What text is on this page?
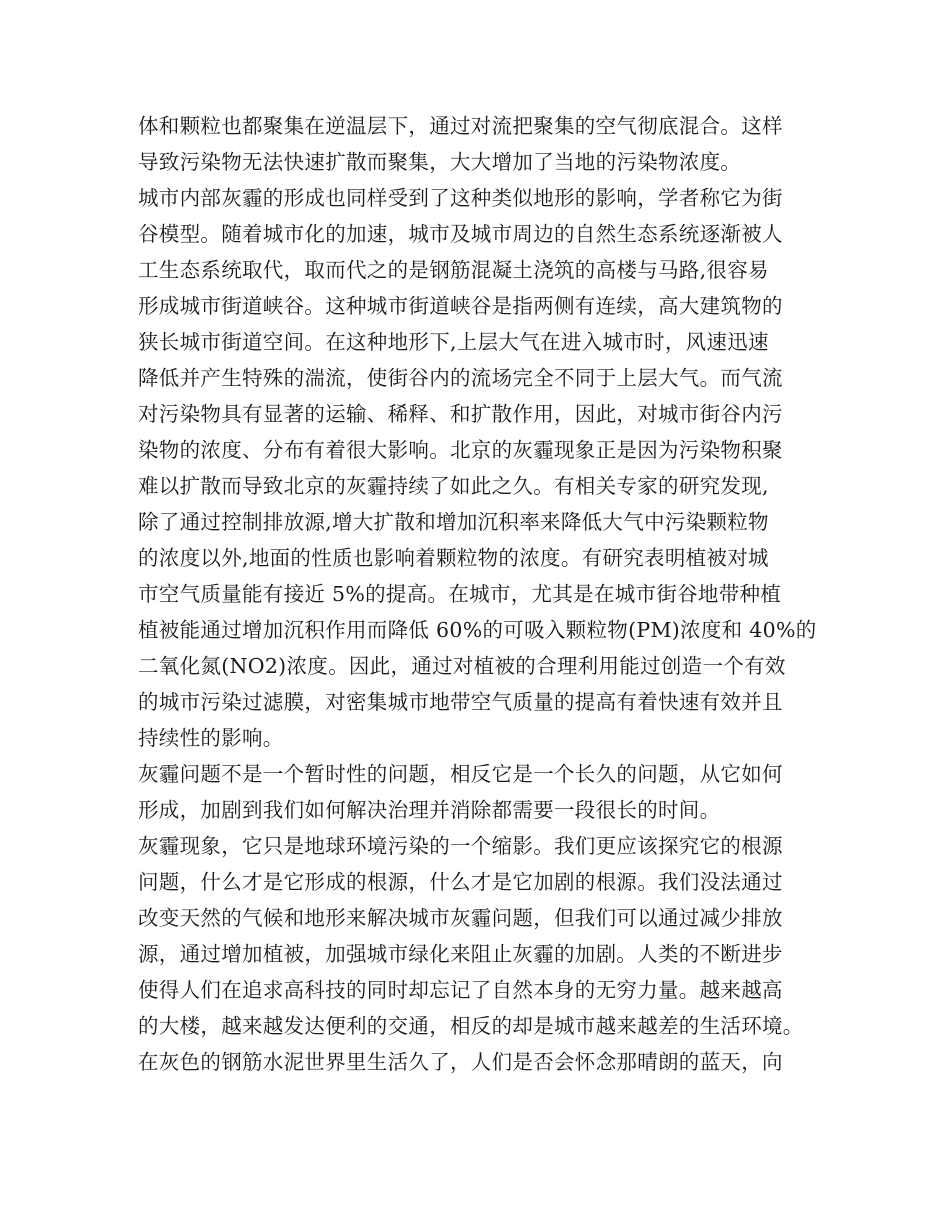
体和颗粒也都聚集在逆温层下，通过对流把聚集的空气彻底混合。这样
导致污染物无法快速扩散而聚集，大大增加了当地的污染物浓度。
城市内部灰霾的形成也同样受到了这种类似地形的影响，学者称它为街
谷模型。随着城市化的加速，城市及城市周边的自然生态系统逐渐被人
工生态系统取代，取而代之的是钢筋混凝土浇筑的高楼与马路,很容易
形成城市街道峡谷。这种城市街道峡谷是指两侧有连续，高大建筑物的
狭长城市街道空间。在这种地形下,上层大气在进入城市时，风速迅速
降低并产生特殊的湍流，使街谷内的流场完全不同于上层大气。而气流
对污染物具有显著的运输、稀释、和扩散作用，因此，对城市街谷内污
染物的浓度、分布有着很大影响。北京的灰霾现象正是因为污染物积聚
难以扩散而导致北京的灰霾持续了如此之久。有相关专家的研究发现,
除了通过控制排放源,增大扩散和增加沉积率来降低大气中污染颗粒物
的浓度以外,地面的性质也影响着颗粒物的浓度。有研究表明植被对城
市空气质量能有接近 5%的提高。在城市，尤其是在城市街谷地带种植
植被能通过增加沉积作用而降低 60%的可吸入颗粒物(PM)浓度和 40%的
二氧化氮(NO2)浓度。因此，通过对植被的合理利用能过创造一个有效
的城市污染过滤膜，对密集城市地带空气质量的提高有着快速有效并且
持续性的影响。
灰霾问题不是一个暂时性的问题，相反它是一个长久的问题，从它如何
形成，加剧到我们如何解决治理并消除都需要一段很长的时间。
灰霾现象，它只是地球环境污染的一个缩影。我们更应该探究它的根源
问题，什么才是它形成的根源，什么才是它加剧的根源。我们没法通过
改变天然的气候和地形来解决城市灰霾问题，但我们可以通过减少排放
源，通过增加植被，加强城市绿化来阻止灰霾的加剧。人类的不断进步
使得人们在追求高科技的同时却忘记了自然本身的无穷力量。越来越高
的大楼，越来越发达便利的交通，相反的却是城市越来越差的生活环境。
在灰色的钢筋水泥世界里生活久了，人们是否会怀念那晴朗的蓝天，向
